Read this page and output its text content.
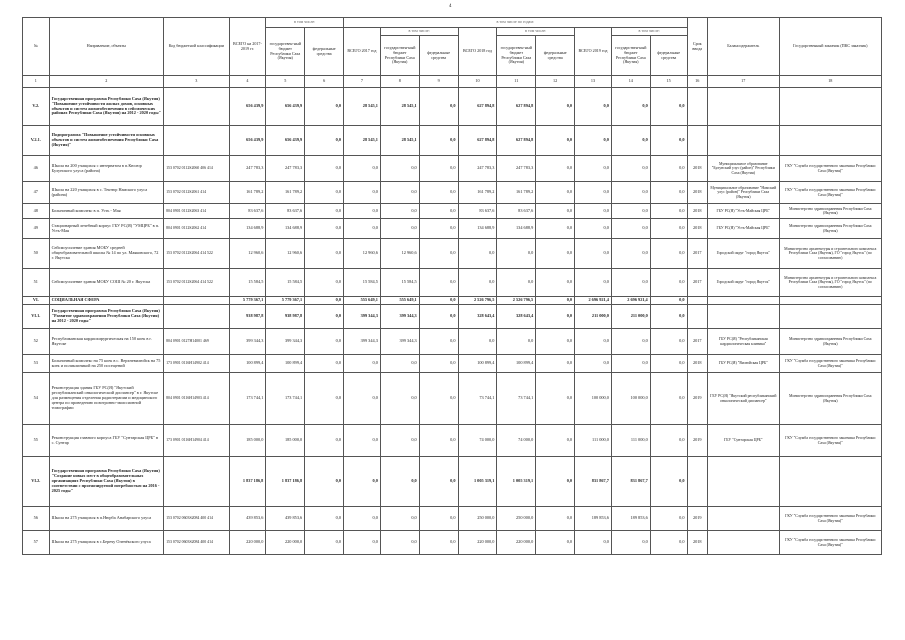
4
№	Направление, объекты	Код бюджетной классификации	ВСЕГО на 2017-2019 гг.	в том числе:		в том числе по годам:									Срок ввода	Балансодержатель	Государственный заказчик (ПКС заказчик)
				государствен-ный бюджет Республики Саха (Якутия)	федеральные средства	ВСЕГО 2017 год	в том числе:		ВСЕГО 2018 год	в том числе:		ВСЕГО 2019 год	в том числе:				
							государствен-ный бюджет Республики Саха (Якутия)	федеральные средства		государствен-ный бюджет Республики Саха (Якутия)	федеральные средства		государствен-ный бюджет Республики Саха (Якутия)	федеральные средства			
1	2	3	4	5	6	7	8	9	10	11	12	13	14	15	16	17	18
V.2.	Государственная программа Республики Саха (Якутия) "Повышение устойчивости жилых домов, основных объектов и систем жизнеобеспечения в сейсмических районах Республики Саха (Якутия) на 2012 - 2020 годы"		656 439,9	656 439,9	0,0	28 545,1	28 545,1	0,0	627 894,8	627 894,8	0,0	0,0	0,0	0,0			
V.2.1.	Подпрограмма "Повышение устойчивости основных объектов и систем жизнеобеспечения Республики Саха (Якутия)"		656 439,9	656 439,9	0,0	28 545,1	28 545,1	0,0	627 894,8	627 894,8	0,0	0,0	0,0	0,0			
46	Школа на 200 учащихся с интернатом в п.Кюсюр Булунского улуса (района)	153 0702 0112S2060 406 414	247 783,3	247 783,3	0,0	0,0	0,0	0,0	247 783,3	247 783,3	0,0	0,0	0,0	0,0	2018	Муниципальное образование "Булунский улус (район)" Республики Саха (Якутия)	ГКУ "Служба государственного заказчика Республики Саха (Якутия)"
47	Школа на 220 учащихся в с. Тектюр Намского улуса (района)	153 0702 0112S2061 414	161 789,2	161 789,2	0,0	0,0	0,0	0,0	161 789,2	161 789,2	0,0	0,0	0,0	0,0	2018	Муниципальное образование "Намский улус (район)" Республики Саха (Якутия)	ГКУ "Служба государственного заказчика Республики Саха (Якутия)"
48	Больничный комплекс в п. Усть - Мая	804 0901 0112S2063 414	83 637,6	83 637,6	0,0	0,0	0,0	0,0	83 637,6	83 637,6	0,0	0,0	0,0	0,0	2018	ГБУ РС(Я) "Усть-Майская ЦРБ"	Министерство здравоохранения Республики Саха (Якутия)
49	Стационарный лечебный корпус ГБУ РС(Я) "УМЦРБ" в п. Усть-Мая	804 0901 0112S2062 414	134 688,9	134 688,9	0,0	0,0	0,0	0,0	134 688,9	134 688,9	0,0	0,0	0,0	0,0	2018	ГБУ РС(Я) "Усть-Майская ЦРБ"	Министерство здравоохранения Республики Саха (Якутия)
50	Сейсмоусиление здания МОБУ средней общеобразовательной школы № 14 по ул. Маяковского, 72 г. Якутска	153 0702 0112S2064 414 522	12 960,6	12 960,6	0,0	12 960,6	12 960,6	0,0	0,0	0,0	0,0	0,0	0,0	0,0	2017	Городской округ "город Якутск"	Министерство архитектуры и строительного комплекса Республики Саха (Якутия), ГО "город Якутск" (по согласованию)
51	Сейсмоусиление здания МОБУ СОШ № 20 г. Якутска	153 0702 0112S2064 414 522	15 584,5	15 584,5	0,0	15 584,5	15 584,5	0,0	0,0	0,0	0,0	0,0	0,0	0,0	2017	Городской округ "город Якутск"	Министерство архитектуры и строительного комплекса Республики Саха (Якутия), ГО "город Якутск" (по согласованию)
VI.	СОЦИАЛЬНАЯ СФЕРА		5 779 367,1	5 779 367,1	0,0	555 649,1	555 649,1	0,0	2 526 796,5	2 526 796,5	0,0	2 696 921,4	2 696 921,4	0,0			
VI.1.	Государственная программа Республики Саха (Якутия) "Развитие здравоохранения Республики Саха (Якутия) на 2012 - 2020 годы"		938 987,8	938 987,8	0,0	399 344,3	399 344,3	0,0	328 643,4	328 643,4	0,0	211 000,0	211 000,0	0,0			
52	Республиканская кардиохирургическая на 150 коек в г. Якутске	804 0901 0127H14001 469	399 344,3	399 344,3	0,0	399 344,3	399 344,3	0,0	0,0	0,0	0,0	0,0	0,0	0,0	2017	ГБУ РС(Я) "Республиканская кардиологическая клиника"	Министерство здравоохранения Республики Саха (Якутия)
53	Больничный комплекс на 75 коек в с. Верхневилюйск на 75 коек и поликлиникой на 250 посещений	173 0901 0116H14902 414	100 899,4	100 899,4	0,0	0,0	0,0	0,0	100 899,4	100 899,4	0,0	0,0	0,0	0,0	2018	ГБУ РС(Я) "Вилюйская ЦРБ"	ГКУ "Служба государственного заказчика Республики Саха (Якутия)"
54	Реконструкция здания ГБУ РС(Я) "Якутский республиканский онкологический диспансер" в г. Якутске для размещения отделения радиотерапии и медицинского центра по проведению позитронно-эмиссионной томографии	804 0901 0116H14903 414	173 744,1	173 744,1	0,0	0,0	0,0	0,0	73 744,1	73 744,1	0,0	100 000,0	100 000,0	0,0	2019	ГБУ РС(Я) "Якутский республиканский онкологический диспансер"	Министерство здравоохранения Республики Саха (Якутия)
55	Реконструкция главного корпуса ГБУ "Сунтарская ЦРБ" в с. Сунтар	173 0901 0116H14904 414	185 000,0	185 000,0	0,0	0,0	0,0	0,0	74 000,0	74 000,0	0,0	111 000,0	111 000,0	0,0	2019	ГБУ "Сунтарская ЦРБ"	ГКУ "Служба государственного заказчика Республики Саха (Якутия)"
VI.2.	Государственная программа Республики Саха (Якутия) "Создание новых мест в общеобразовательных организациях Республики Саха (Якутия) в соответствии с прогнозируемой потребностью на 2016 - 2025 годы"		1 837 186,8	1 837 186,8	0,0	0,0	0,0	0,0	1 005 319,1	1 005 319,1	0,0	831 867,7	831 867,7	0,0			
56	Школа на 275 учащихся в п.Нюрба Анабарского улуса	153 0702 0603S2084 400 414	439 853,6	439 853,6	0,0	0,0	0,0	0,0	250 000,0	250 000,0	0,0	189 853,6	189 853,6	0,0	2019		ГКУ "Служба государственного заказчика Республики Саха (Якутия)"
57	Школа на 275 учащихся в с.Беречу Оленёкского улуса	153 0702 0603S2084 400 414	220 000,0	220 000,0	0,0	0,0	0,0	0,0	220 000,0	220 000,0	0,0	0,0	0,0	0,0	2018		ГКУ "Служба государственного заказчика Республики Саха (Якутия)"
